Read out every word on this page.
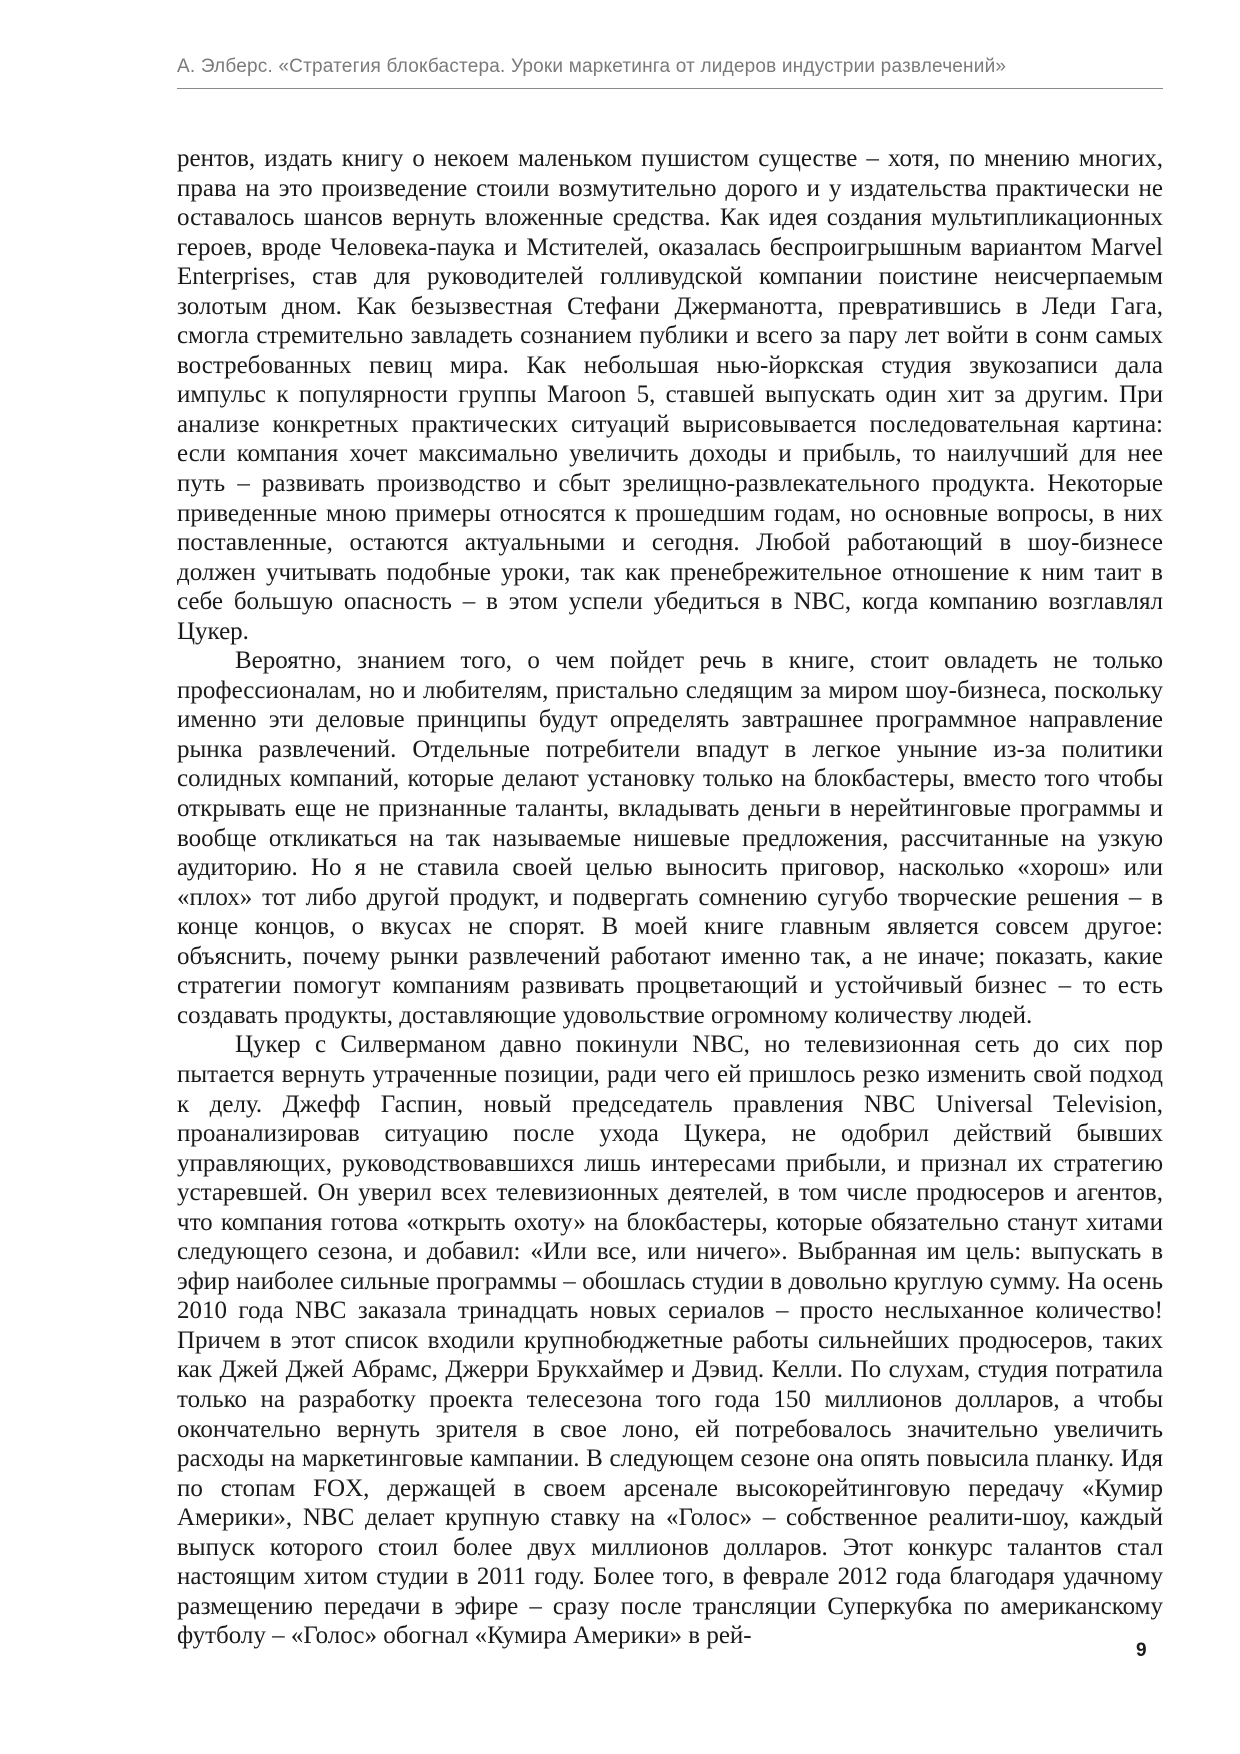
А. Элберс. «Стратегия блокбастера. Уроки маркетинга от лидеров индустрии развлечений»

рентов, издать книгу о некоем маленьком пушистом существе – хотя, по мнению многих, права на это произведение стоили возмутительно дорого и у издательства практически не оставалось шансов вернуть вложенные средства. Как идея создания мультипликационных героев, вроде Человека-паука и Мстителей, оказалась беспроигрышным вариантом Marvel Enterprises, став для руководителей голливудской компании поистине неисчерпаемым золотым дном. Как безызвестная Стефани Джерманотта, превратившись в Леди Гага, смогла стремительно завладеть сознанием публики и всего за пару лет войти в сонм самых востребованных певиц мира. Как небольшая нью-йоркская студия звукозаписи дала импульс к популярности группы Maroon 5, ставшей выпускать один хит за другим. При анализе конкретных практических ситуаций вырисовывается последовательная картина: если компания хочет максимально увеличить доходы и прибыль, то наилучший для нее путь – развивать производство и сбыт зрелищно-развлекательного продукта. Некоторые приведенные мною примеры относятся к прошедшим годам, но основные вопросы, в них поставленные, остаются актуальными и сегодня. Любой работающий в шоу-бизнесе должен учитывать подобные уроки, так как пренебрежительное отношение к ним таит в себе большую опасность – в этом успели убедиться в NBC, когда компанию возглавлял Цукер.

Вероятно, знанием того, о чем пойдет речь в книге, стоит овладеть не только профессионалам, но и любителям, пристально следящим за миром шоу-бизнеса, поскольку именно эти деловые принципы будут определять завтрашнее программное направление рынка развлечений. Отдельные потребители впадут в легкое уныние из-за политики солидных компаний, которые делают установку только на блокбастеры, вместо того чтобы открывать еще не признанные таланты, вкладывать деньги в нерейтинговые программы и вообще откликаться на так называемые нишевые предложения, рассчитанные на узкую аудиторию. Но я не ставила своей целью выносить приговор, насколько «хорош» или «плох» тот либо другой продукт, и подвергать сомнению сугубо творческие решения – в конце концов, о вкусах не спорят. В моей книге главным является совсем другое: объяснить, почему рынки развлечений работают именно так, а не иначе; показать, какие стратегии помогут компаниям развивать процветающий и устойчивый бизнес – то есть создавать продукты, доставляющие удовольствие огромному количеству людей.

Цукер с Силверманом давно покинули NBC, но телевизионная сеть до сих пор пытается вернуть утраченные позиции, ради чего ей пришлось резко изменить свой подход к делу. Джефф Гаспин, новый председатель правления NBC Universal Television, проанализировав ситуацию после ухода Цукера, не одобрил действий бывших управляющих, руководствовавшихся лишь интересами прибыли, и признал их стратегию устаревшей. Он уверил всех телевизионных деятелей, в том числе продюсеров и агентов, что компания готова «открыть охоту» на блокбастеры, которые обязательно станут хитами следующего сезона, и добавил: «Или все, или ничего». Выбранная им цель: выпускать в эфир наиболее сильные программы – обошлась студии в довольно круглую сумму. На осень 2010 года NBC заказала тринадцать новых сериалов – просто неслыханное количество! Причем в этот список входили крупнобюджетные работы сильнейших продюсеров, таких как Джей Джей Абрамс, Джерри Брукхаймер и Дэвид. Келли. По слухам, студия потратила только на разработку проекта телесезона того года 150 миллионов долларов, а чтобы окончательно вернуть зрителя в свое лоно, ей потребовалось значительно увеличить расходы на маркетинговые кампании. В следующем сезоне она опять повысила планку. Идя по стопам FOX, держащей в своем арсенале высокорейтинговую передачу «Кумир Америки», NBC делает крупную ставку на «Голос» – собственное реалити-шоу, каждый выпуск которого стоил более двух миллионов долларов. Этот конкурс талантов стал настоящим хитом студии в 2011 году. Более того, в феврале 2012 года благодаря удачному размещению передачи в эфире – сразу после трансляции Суперкубка по американскому футболу – «Голос» обогнал «Кумира Америки» в рей-

9
